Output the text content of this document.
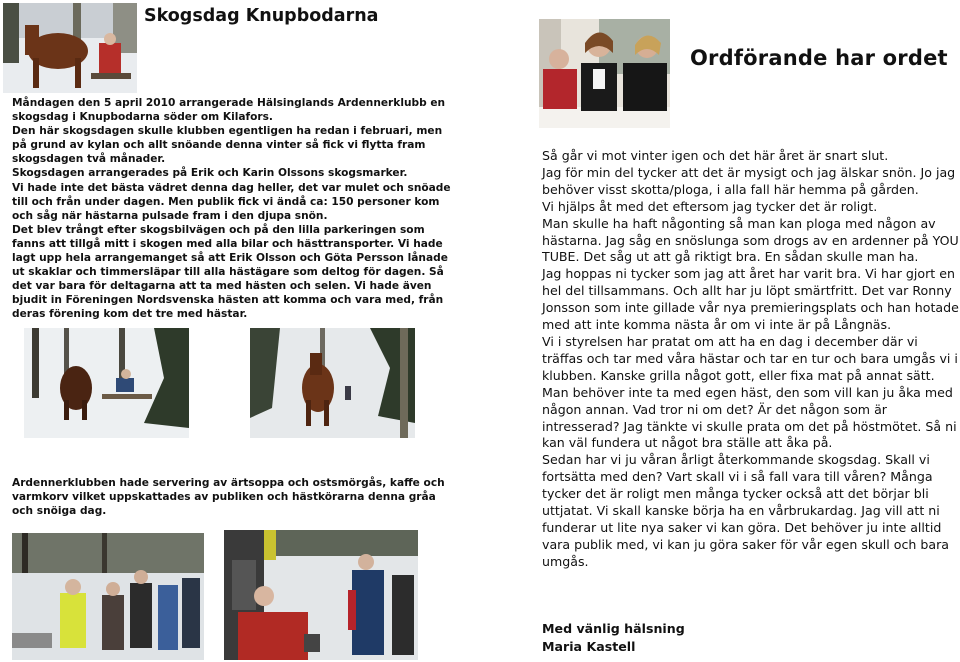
Skogsdag Knupbodarna

Måndagen den 5 april 2010 arrangerade Hälsinglands Ardennerklubb en skogsdag i Knupbodarna söder om Kilafors.

Den här skogsdagen skulle klubben egentligen ha redan i februari, men på grund av kylan och allt snöande denna vinter så fick vi flytta fram skogsdagen två månader.

Skogsdagen arrangerades på Erik och Karin Olssons skogsmarker.

Vi hade inte det bästa vädret denna dag heller, det var mulet och snöade till och från under dagen. Men publik fick vi ändå ca: 150 personer kom och såg när hästarna pulsade fram i den djupa snön.

Det blev trångt efter skogsbilvägen och på den lilla parkeringen som fanns att tillgå mitt i skogen med alla bilar och hästtransporter. Vi hade lagt upp hela arrangemanget så att Erik Olsson och Göta Persson lånade ut skaklar och timmersläpar till alla hästägare som deltog för dagen. Så det var bara för deltagarna att ta med hästen och selen. Vi hade även bjudit in Föreningen Nordsvenska hästen att komma och vara med, från deras förening kom det tre med hästar.

Ardennerklubben hade servering av ärtsoppa och ostsmörgås, kaffe och varmkorv vilket uppskattades av publiken och hästkörarna denna gråa och snöiga dag.

Ordförande har ordet

Så går vi mot vinter igen och det här året är snart slut.

Jag för min del tycker att det är mysigt och jag älskar snön. Jo jag behöver visst skotta/ploga, i alla fall här hemma på gården.

Vi hjälps åt med det eftersom jag tycker det är roligt.

Man skulle ha haft någonting så man kan ploga med någon av hästarna. Jag såg en snöslunga som drogs av en ardenner på YOU TUBE. Det såg ut att gå riktigt bra. En sådan skulle man ha.

Jag hoppas ni tycker som jag att året har varit bra. Vi har gjort en hel del tillsammans. Och allt har ju löpt smärtfritt. Det var Ronny Jonsson som inte gillade vår nya premieringsplats och han hotade med att inte komma nästa år om vi inte är på Långnäs.

Vi i styrelsen har pratat om att ha en dag i december där vi träffas och tar med våra hästar och tar en tur och bara umgås vi i klubben. Kanske grilla något gott, eller fixa mat på annat sätt. Man behöver inte ta med egen häst, den som vill kan ju åka med någon annan. Vad tror ni om det? Är det någon som är intresserad? Jag tänkte vi skulle prata om det på höstmötet. Så ni kan väl fundera ut något bra ställe att åka på.

Sedan har vi ju våran årligt återkommande skogsdag. Skall vi fortsätta med den? Vart skall vi i så fall vara till våren? Många tycker det är roligt men många tycker också att det börjar bli uttjatat. Vi skall kanske börja ha en vårbrukardag. Jag vill att ni funderar ut lite nya saker vi kan göra. Det behöver ju inte alltid vara publik med, vi kan ju göra saker för vår egen skull och bara umgås.

Med vänlig hälsning
Maria Kastell
